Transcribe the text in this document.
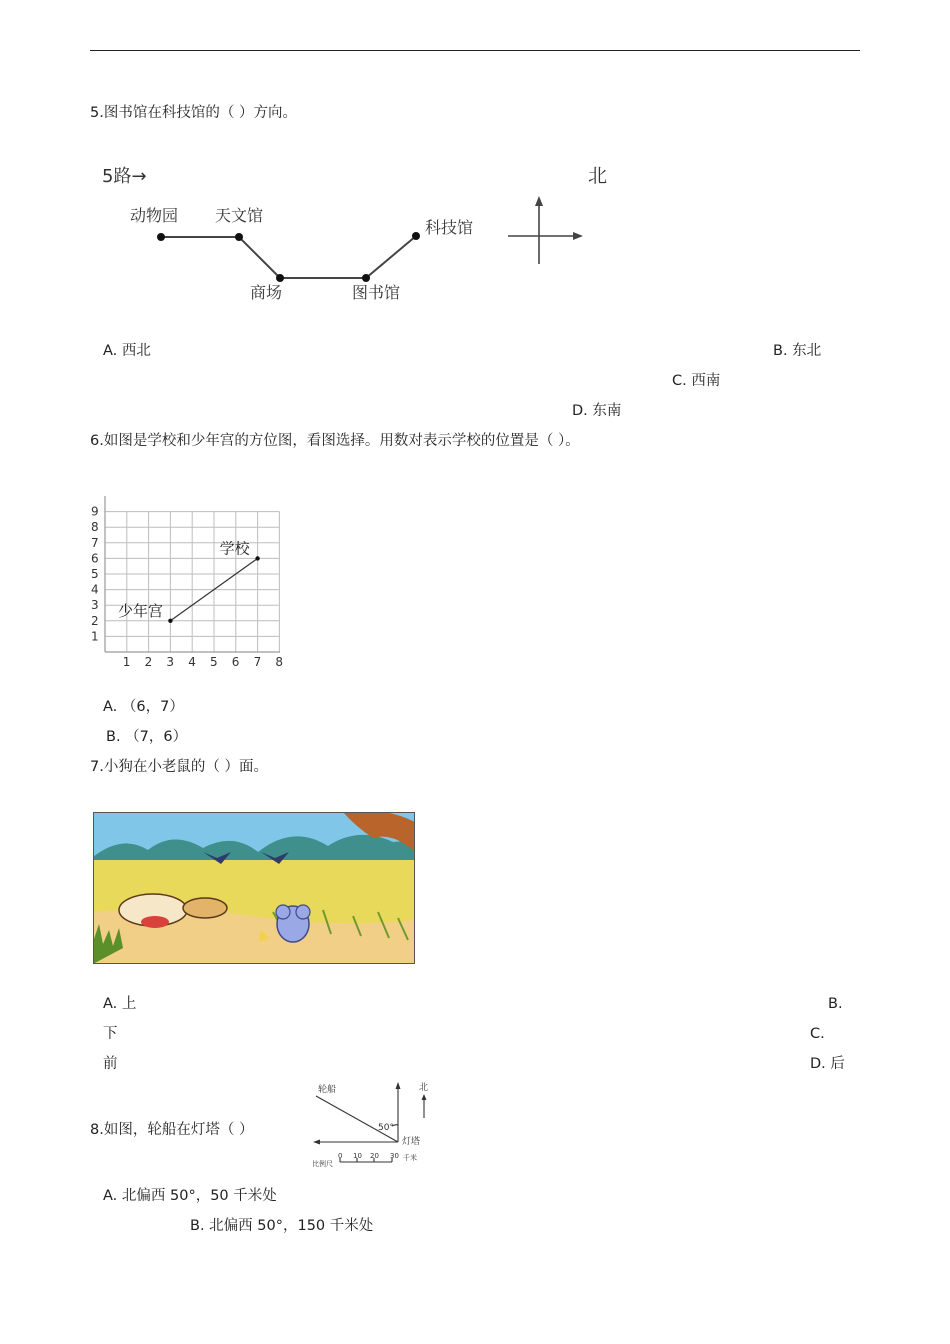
5.图书馆在科技馆的（ ）方向。
5路→	北
动物园 天文馆
商场	图书馆
科技馆
A. 西北	B. 东北
C. 西南
D. 东南
6.如图是学校和少年宫的方位图，看图选择。用数对表示学校的位置是（ ）。
1 2 3 4 5 6 7 8
1
2
3
4
5
6
7
8
9
学校
少年宫
A. （6，7）
B. （7，6）
7.小狗在小老鼠的（ ）面。
A. 上	B.
下	C.
前	D. 后
8.如图，轮船在灯塔（ ）
轮船
灯塔
北
50°
比例尺
0 10 20 30 千米
A. 北偏西 50°，50 千米处
B. 北偏西 50°，150 千米处
